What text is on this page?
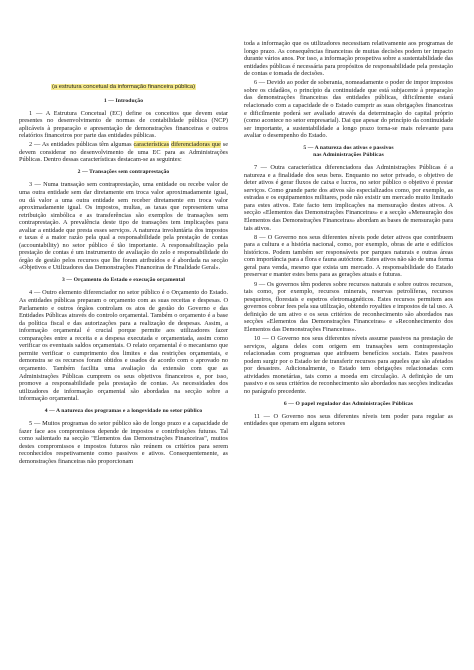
(a estrutura concetual da informação financeira pública)
1 — Introdução

1 — A Estrutura Concetual (EC) define os conceitos que devem estar presentes no desenvolvimento de normas de contabilidade pública (NCP) aplicáveis à preparação e apresentação de demonstrações financeiras e outros relatórios financeiros por parte das entidades públicas.

2 — As entidades públicas têm algumas características diferenciadoras que se devem considerar no desenvolvimento de uma EC para as Administrações Públicas. Dentro dessas características destacam-se as seguintes:

2 — Transações sem contraprestação

3 — Numa transação sem contraprestação, uma entidade ou recebe valor de uma outra entidade sem dar diretamente em troca valor aproximadamente igual, ou dá valor a uma outra entidade sem receber diretamente em troca valor aproximadamente igual. Os impostos, multas, as taxas que representem uma retribuição simbólica e as transferências são exemplos de transações sem contraprestação. A prevalência deste tipo de transações tem implicações para avaliar a entidade que presta esses serviços. A natureza involuntária dos impostos e taxas é a maior razão pela qual a responsabilidade pela prestação de contas (accountability) no setor público é tão importante. A responsabilização pela prestação de contas é um instrumento de avaliação do zelo e responsabilidade do órgão de gestão pelos recursos que lhe foram atribuídos e é abordada na secção «Objetivos e Utilizadores das Demonstrações Financeiras de Finalidade Geral».

3 — Orçamento do Estado e execução orçamental

4 — Outro elemento diferenciador no setor público é o Orçamento do Estado. As entidades públicas preparam o orçamento com as suas receitas e despesas. O Parlamento e outros órgãos controlam os atos de gestão do Governo e das Entidades Públicas através do controlo orçamental. Também o orçamento é a base da política fiscal e das autorizações para a realização de despesas. Assim, a informação orçamental é crucial porque permite aos utilizadores fazer comparações entre a receita e a despesa executada e orçamentada, assim como verificar os eventuais saldos orçamentais. O relato orçamental é o mecanismo que permite verificar o cumprimento dos limites e das restrições orçamentais, e demonstra se os recursos foram obtidos e usados de acordo com o aprovado no orçamento. Também facilita uma avaliação da extensão com que as Administrações Públicas cumprem os seus objetivos financeiros e, por isso, promove a responsabilidade pela prestação de contas. As necessidades dos utilizadores de informação orçamental são abordadas na secção sobre a informação orçamental.

4 — A natureza dos programas e a longevidade no setor público

5 — Muitos programas do setor público são de longo prazo e a capacidade de fazer face aos compromissos depende de impostos e contribuições futuras. Tal como salientado na secção "Elementos das Demonstrações Financeiras", muitos destes compromissos e impostos futuros não reúnem os critérios para serem reconhecidos respetivamente como passivos e ativos. Consequentemente, as demonstrações financeiras não proporcionam

toda a informação que os utilizadores necessitam relativamente aos programas de longo prazo. As consequências financeiras de muitas decisões podem ter impacto durante vários anos. Por isso, a informação prospetiva sobre a sustentabilidade das entidades públicas é necessária para propósitos de responsabilidade pela prestação de contas e tomada de decisões.

6 — Devido ao poder de soberania, nomeadamente o poder de impor impostos sobre os cidadãos, o princípio da continuidade que está subjacente à preparação das demonstrações financeiras das entidades públicas, dificilmente estará relacionado com a capacidade de o Estado cumprir as suas obrigações financeiras e dificilmente poderá ser avaliado através da determinação do capital próprio (como acontece no setor empresarial). Dai que apesar do princípio da continuidade ser importante, a sustentabilidade a longo prazo torna-se mais relevante para avaliar o desempenho do Estado.

5 — A natureza dos ativos e passivos
nas Administrações Públicas

7 — Outra característica diferenciadora das Administrações Públicas é a natureza e a finalidade dos seus bens. Enquanto no setor privado, o objetivo de deter ativos é gerar fluxos de caixa e lucros, no setor público o objetivo é prestar serviços. Como grande parte dos ativos são especializados como, por exemplo, as estradas e os equipamentos militares, pode não existir um mercado muito limitado para estes ativos. Este facto tem implicações na mensuração destes ativos. A secção «Elementos das Demonstrações Financeiras» e a secção «Mensuração dos Elementos das Demonstrações Financeiras» abordam as bases de mensuração para tais ativos.

8 — O Governo nos seus diferentes níveis pode deter ativos que contribuem para a cultura e a história nacional, como, por exemplo, obras de arte e edifícios históricos. Podem também ser responsáveis por parques naturais e outras áreas com importância para a flora e fauna autóctone. Estes ativos não são de uma forma geral para venda, mesmo que exista um mercado. A responsabilidade do Estado preservar e manter estes bens para as gerações atuais e futuras.

9 — Os governos têm poderes sobre recursos naturais e sobre outros recursos, tais como, por exemplo, recursos minerais, reservas petrolíferas, recursos pesqueiros, florestais e espetros eletromagnéticos. Estes recursos permitem aos governos cobrar fees pela sua utilização, obtendo royalties e impostos de tal uso. A definição de um ativo e os seus critérios de reconhecimento são abordados nas secções «Elementos das Demonstrações Financeiras» e «Reconhecimento dos Elementos das Demonstrações Financeiras».

10 — O Governo nos seus diferentes níveis assume passivos na prestação de serviços, alguns deles com origem em transações sem contraprestação relacionadas com programas que atribuem benefícios sociais. Estes passivos podem surgir por o Estado ter de transferir recursos para aqueles que são afetados por desastres. Adicionalmente, o Estado tem obrigações relacionadas com atividades monetárias, tais como a moeda em circulação. A definição de um passivo e os seus critérios de reconhecimento são abordados nas secções indicadas no parágrafo precedente.

6 — O papel regulador das Administrações Públicas

11 — O Governo nos seus diferentes níveis tem poder para regular as entidades que operam em alguns setores
